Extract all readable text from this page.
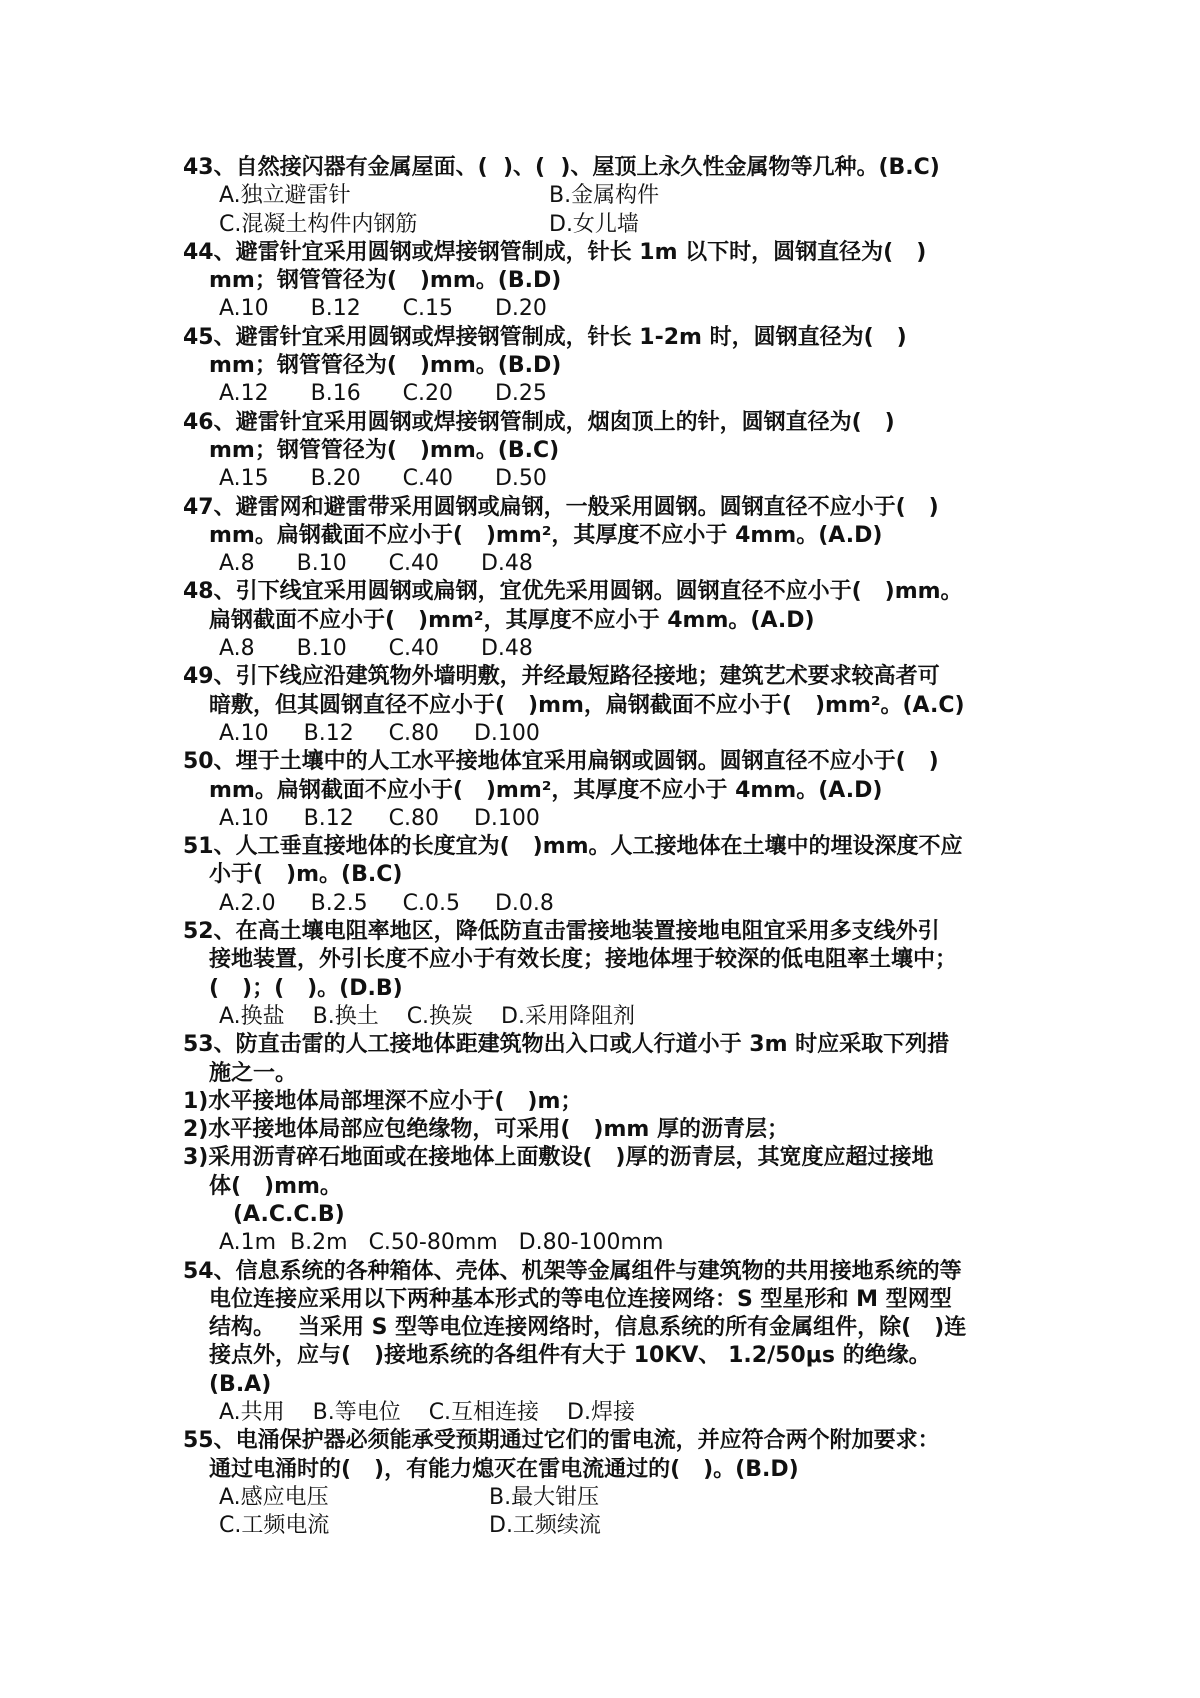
43、自然接闪器有金属屋面、(  )、(  )、屋顶上永久性金属物等几种。(B.C)
A.独立避雷针	B.金属构件
C.混凝土构件内钢筋	D.女儿墙
44、避雷针宜采用圆钢或焊接钢管制成，针长 1m 以下时，圆钢直径为(   )
mm；钢管管径为(   )mm。(B.D)
A.10      B.12      C.15      D.20
45、避雷针宜采用圆钢或焊接钢管制成，针长 1-2m 时，圆钢直径为(   )
mm；钢管管径为(   )mm。(B.D)
A.12      B.16      C.20      D.25
46、避雷针宜采用圆钢或焊接钢管制成，烟囱顶上的针，圆钢直径为(   )
mm；钢管管径为(   )mm。(B.C)
A.15      B.20      C.40      D.50
47、避雷网和避雷带采用圆钢或扁钢，一般采用圆钢。圆钢直径不应小于(   )
mm。扁钢截面不应小于(   )mm²，其厚度不应小于 4mm。(A.D)
A.8      B.10      C.40      D.48
48、引下线宜采用圆钢或扁钢，宜优先采用圆钢。圆钢直径不应小于(   )mm。
扁钢截面不应小于(   )mm²，其厚度不应小于 4mm。(A.D)
A.8      B.10      C.40      D.48
49、引下线应沿建筑物外墙明敷，并经最短路径接地；建筑艺术要求较高者可
暗敷，但其圆钢直径不应小于(   )mm，扁钢截面不应小于(   )mm²。(A.C)
A.10     B.12     C.80     D.100
50、埋于土壤中的人工水平接地体宜采用扁钢或圆钢。圆钢直径不应小于(   )
mm。扁钢截面不应小于(   )mm²，其厚度不应小于 4mm。(A.D)
A.10     B.12     C.80     D.100
51、人工垂直接地体的长度宜为(   )mm。人工接地体在土壤中的埋设深度不应
小于(   )m。(B.C)
A.2.0     B.2.5     C.0.5     D.0.8
52、在高土壤电阻率地区，降低防直击雷接地装置接地电阻宜采用多支线外引
接地装置，外引长度不应小于有效长度；接地体埋于较深的低电阻率土壤中；
(   )；(   )。(D.B)
A.换盐    B.换土    C.换炭    D.采用降阻剂
53、防直击雷的人工接地体距建筑物出入口或人行道小于 3m 时应采取下列措
施之一。
1)水平接地体局部埋深不应小于(   )m；
2)水平接地体局部应包绝缘物，可采用(   )mm 厚的沥青层；
3)采用沥青碎石地面或在接地体上面敷设(   )厚的沥青层，其宽度应超过接地
体(   )mm。
(A.C.C.B)
A.1m  B.2m   C.50-80mm   D.80-100mm
54、信息系统的各种箱体、壳体、机架等金属组件与建筑物的共用接地系统的等
电位连接应采用以下两种基本形式的等电位连接网络：S 型星形和 M 型网型
结构。   当采用 S 型等电位连接网络时，信息系统的所有金属组件，除(   )连
接点外，应与(   )接地系统的各组件有大于 10KV、 1.2/50μs 的绝缘。
(B.A)
A.共用    B.等电位    C.互相连接    D.焊接
55、电涌保护器必须能承受预期通过它们的雷电流，并应符合两个附加要求：
通过电涌时的(   )，有能力熄灭在雷电流通过的(   )。(B.D)
A.感应电压	B.最大钳压
C.工频电流	D.工频续流
